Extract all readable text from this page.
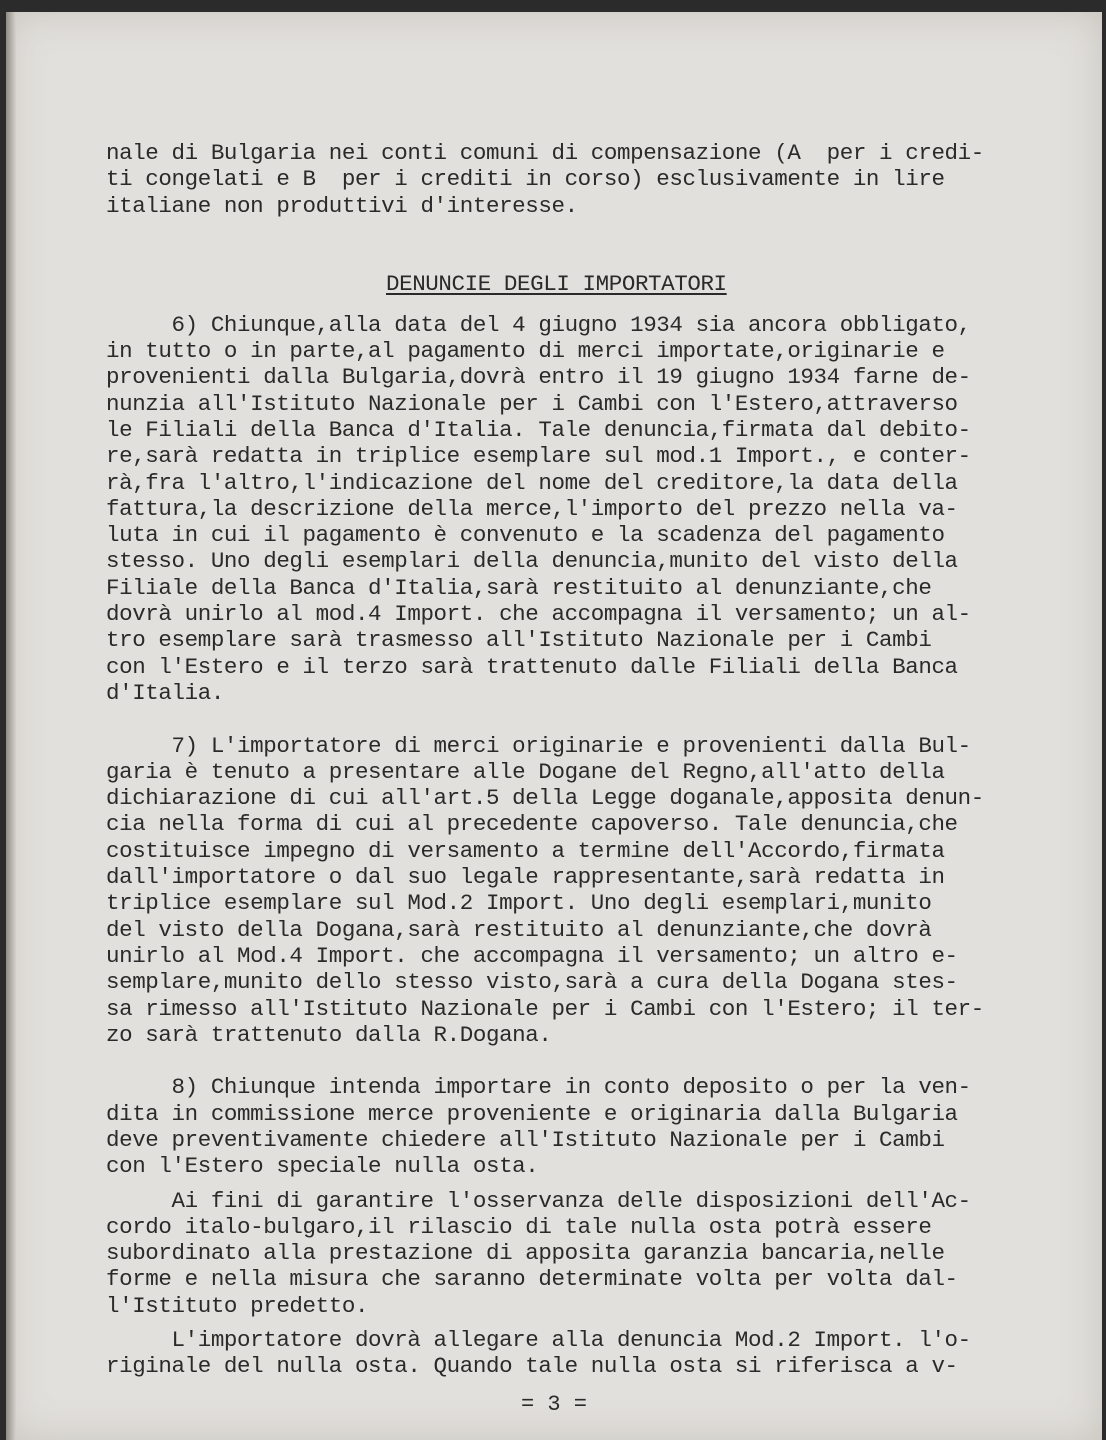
nale di Bulgaria nei conti comuni di compensazione (A  per i credi-
ti congelati e B  per i crediti in corso) esclusivamente in lire
italiane non produttivi d'interesse.
DENUNCIE DEGLI IMPORTATORI
6) Chiunque,alla data del 4 giugno 1934 sia ancora obbligato,
in tutto o in parte,al pagamento di merci importate,originarie e
provenienti dalla Bulgaria,dovrà entro il 19 giugno 1934 farne de-
nunzia all'Istituto Nazionale per i Cambi con l'Estero,attraverso
le Filiali della Banca d'Italia. Tale denuncia,firmata dal debito-
re,sarà redatta in triplice esemplare sul mod.1 Import., e conter-
rà,fra l'altro,l'indicazione del nome del creditore,la data della
fattura,la descrizione della merce,l'importo del prezzo nella va-
luta in cui il pagamento è convenuto e la scadenza del pagamento
stesso. Uno degli esemplari della denuncia,munito del visto della
Filiale della Banca d'Italia,sarà restituito al denunziante,che
dovrà unirlo al mod.4 Import. che accompagna il versamento; un al-
tro esemplare sarà trasmesso all'Istituto Nazionale per i Cambi
con l'Estero e il terzo sarà trattenuto dalle Filiali della Banca
d'Italia.
7) L'importatore di merci originarie e provenienti dalla Bul-
garia è tenuto a presentare alle Dogane del Regno,all'atto della
dichiarazione di cui all'art.5 della Legge doganale,apposita denun-
cia nella forma di cui al precedente capoverso. Tale denuncia,che
costituisce impegno di versamento a termine dell'Accordo,firmata
dall'importatore o dal suo legale rappresentante,sarà redatta in
triplice esemplare sul Mod.2 Import. Uno degli esemplari,munito
del visto della Dogana,sarà restituito al denunziante,che dovrà
unirlo al Mod.4 Import. che accompagna il versamento; un altro e-
semplare,munito dello stesso visto,sarà a cura della Dogana stes-
sa rimesso all'Istituto Nazionale per i Cambi con l'Estero; il ter-
zo sarà trattenuto dalla R.Dogana.
8) Chiunque intenda importare in conto deposito o per la ven-
dita in commissione merce proveniente e originaria dalla Bulgaria
deve preventivamente chiedere all'Istituto Nazionale per i Cambi
con l'Estero speciale nulla osta.
Ai fini di garantire l'osservanza delle disposizioni dell'Ac-
cordo italo-bulgaro,il rilascio di tale nulla osta potrà essere
subordinato alla prestazione di apposita garanzia bancaria,nelle
forme e nella misura che saranno determinate volta per volta dal-
l'Istituto predetto.
L'importatore dovrà allegare alla denuncia Mod.2 Import. l'o-
riginale del nulla osta. Quando tale nulla osta si riferisca a v-
= 3 =
